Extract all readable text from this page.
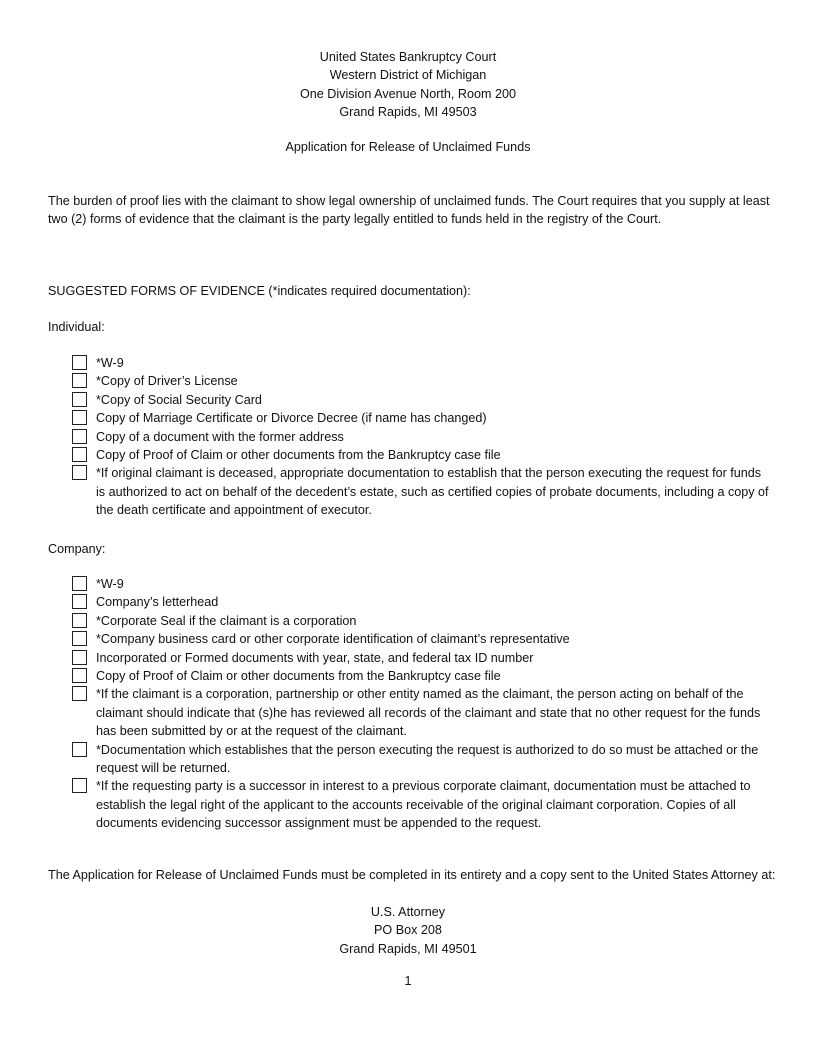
United States Bankruptcy Court
Western District of Michigan
One Division Avenue North, Room 200
Grand Rapids, MI 49503
Application for Release of Unclaimed Funds
The burden of proof lies with the claimant to show legal ownership of unclaimed funds. The Court requires that you supply at least two (2) forms of evidence that the claimant is the party legally entitled to funds held in the registry of the Court.
SUGGESTED FORMS OF EVIDENCE (*indicates required documentation):
Individual:
*W-9
*Copy of Driver’s License
*Copy of Social Security Card
Copy of Marriage Certificate or Divorce Decree (if name has changed)
Copy of a document with the former address
Copy of Proof of Claim or other documents from the Bankruptcy case file
*If original claimant is deceased, appropriate documentation to establish that the person executing the request for funds is authorized to act on behalf of the decedent’s estate, such as certified copies of probate documents, including a copy of the death certificate and appointment of executor.
Company:
*W-9
Company’s letterhead
*Corporate Seal if the claimant is a corporation
*Company business card or other corporate identification of claimant’s representative
Incorporated or Formed documents with year, state, and federal tax ID number
Copy of Proof of Claim or other documents from the Bankruptcy case file
*If the claimant is a corporation, partnership or other entity named as the claimant, the person acting on behalf of the claimant should indicate that (s)he has reviewed all records of the claimant and state that no other request for the funds has been submitted by or at the request of the claimant.
*Documentation which establishes that the person executing the request is authorized to do so must be attached or the request will be returned.
*If the requesting party is a successor in interest to a previous corporate claimant, documentation must be attached to establish the legal right of the applicant to the accounts receivable of the original claimant corporation. Copies of all documents evidencing successor assignment must be appended to the request.
The Application for Release of Unclaimed Funds must be completed in its entirety and a copy sent to the United States Attorney at:
U.S. Attorney
PO Box 208
Grand Rapids, MI 49501
1
